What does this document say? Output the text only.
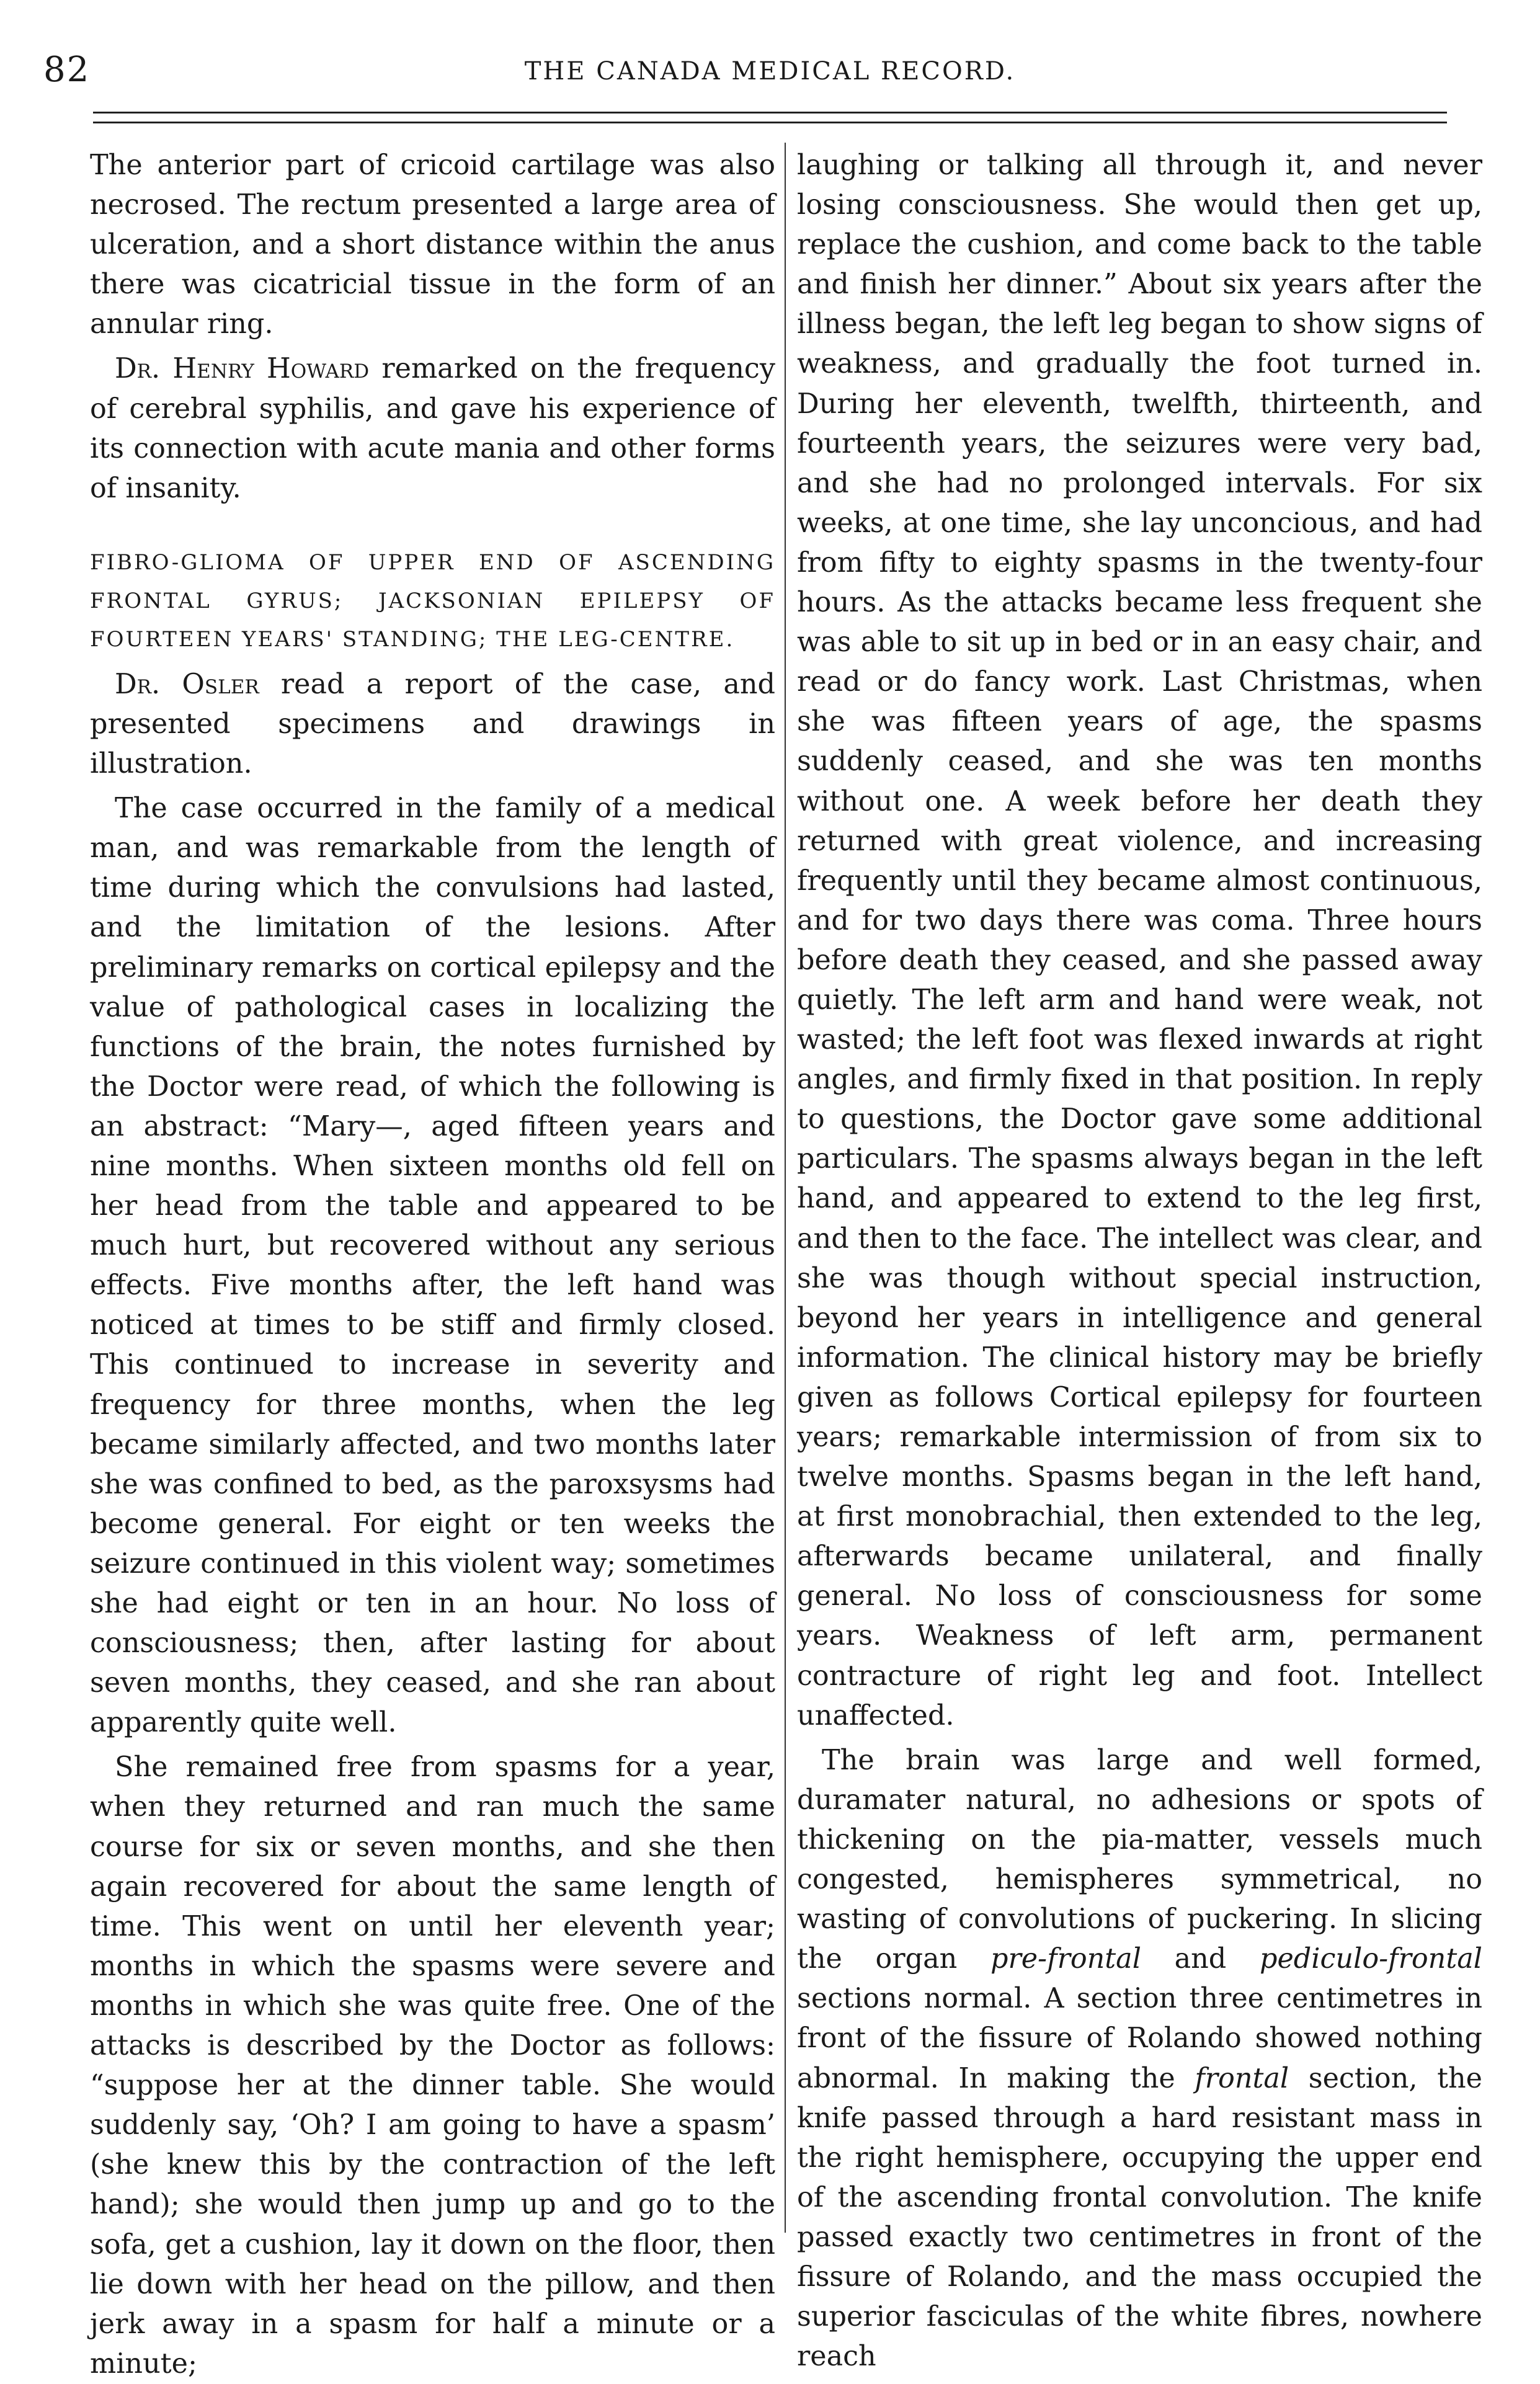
82	THE CANADA MEDICAL RECORD.

The anterior part of cricoid cartilage was also necrosed. The rectum presented a large area of ulceration, and a short distance within the anus there was cicatricial tissue in the form of an annular ring.

Dr. Henry Howard remarked on the frequency of cerebral syphilis, and gave his experience of its connection with acute mania and other forms of insanity.

FIBRO-GLIOMA OF UPPER END OF ASCENDING FRONTAL GYRUS; JACKSONIAN EPILEPSY OF FOURTEEN YEARS' STANDING; THE LEG-CENTRE.

Dr. Osler read a report of the case, and presented specimens and drawings in illustration.

The case occurred in the family of a medical man, and was remarkable from the length of time during which the convulsions had lasted, and the limitation of the lesions. After preliminary remarks on cortical epilepsy and the value of pathological cases in localizing the functions of the brain, the notes furnished by the Doctor were read, of which the following is an abstract: “Mary—, aged fifteen years and nine months. When sixteen months old fell on her head from the table and appeared to be much hurt, but recovered without any serious effects. Five months after, the left hand was noticed at times to be stiff and firmly closed. This continued to increase in severity and frequency for three months, when the leg became similarly affected, and two months later she was confined to bed, as the paroxsysms had become general. For eight or ten weeks the seizure continued in this violent way; sometimes she had eight or ten in an hour. No loss of consciousness; then, after lasting for about seven months, they ceased, and she ran about apparently quite well.

She remained free from spasms for a year, when they returned and ran much the same course for six or seven months, and she then again recovered for about the same length of time. This went on until her eleventh year; months in which the spasms were severe and months in which she was quite free. One of the attacks is described by the Doctor as follows: “suppose her at the dinner table. She would suddenly say, ‘Oh? I am going to have a spasm’ (she knew this by the contraction of the left hand); she would then jump up and go to the sofa, get a cushion, lay it down on the floor, then lie down with her head on the pillow, and then jerk away in a spasm for half a minute or a minute;

laughing or talking all through it, and never losing consciousness. She would then get up, replace the cushion, and come back to the table and finish her dinner.” About six years after the illness began, the left leg began to show signs of weakness, and gradually the foot turned in. During her eleventh, twelfth, thirteenth, and fourteenth years, the seizures were very bad, and she had no prolonged intervals. For six weeks, at one time, she lay unconcious, and had from fifty to eighty spasms in the twenty-four hours. As the attacks became less frequent she was able to sit up in bed or in an easy chair, and read or do fancy work. Last Christmas, when she was fifteen years of age, the spasms suddenly ceased, and she was ten months without one. A week before her death they returned with great violence, and increasing frequently until they became almost continuous, and for two days there was coma. Three hours before death they ceased, and she passed away quietly. The left arm and hand were weak, not wasted; the left foot was flexed inwards at right angles, and firmly fixed in that position. In reply to questions, the Doctor gave some additional particulars. The spasms always began in the left hand, and appeared to extend to the leg first, and then to the face. The intellect was clear, and she was though without special instruction, beyond her years in intelligence and general information. The clinical history may be briefly given as follows Cortical epilepsy for fourteen years; remarkable intermission of from six to twelve months. Spasms began in the left hand, at first monobrachial, then extended to the leg, afterwards became unilateral, and finally general. No loss of consciousness for some years. Weakness of left arm, permanent contracture of right leg and foot. Intellect unaffected.

The brain was large and well formed, duramater natural, no adhesions or spots of thickening on the pia-matter, vessels much congested, hemispheres symmetrical, no wasting of convolutions of puckering. In slicing the organ pre-frontal and pediculo-frontal sections normal. A section three centimetres in front of the fissure of Rolando showed nothing abnormal. In making the frontal section, the knife passed through a hard resistant mass in the right hemisphere, occupying the upper end of the ascending frontal convolution. The knife passed exactly two centimetres in front of the fissure of Rolando, and the mass occupied the superior fasciculas of the white fibres, nowhere reach
